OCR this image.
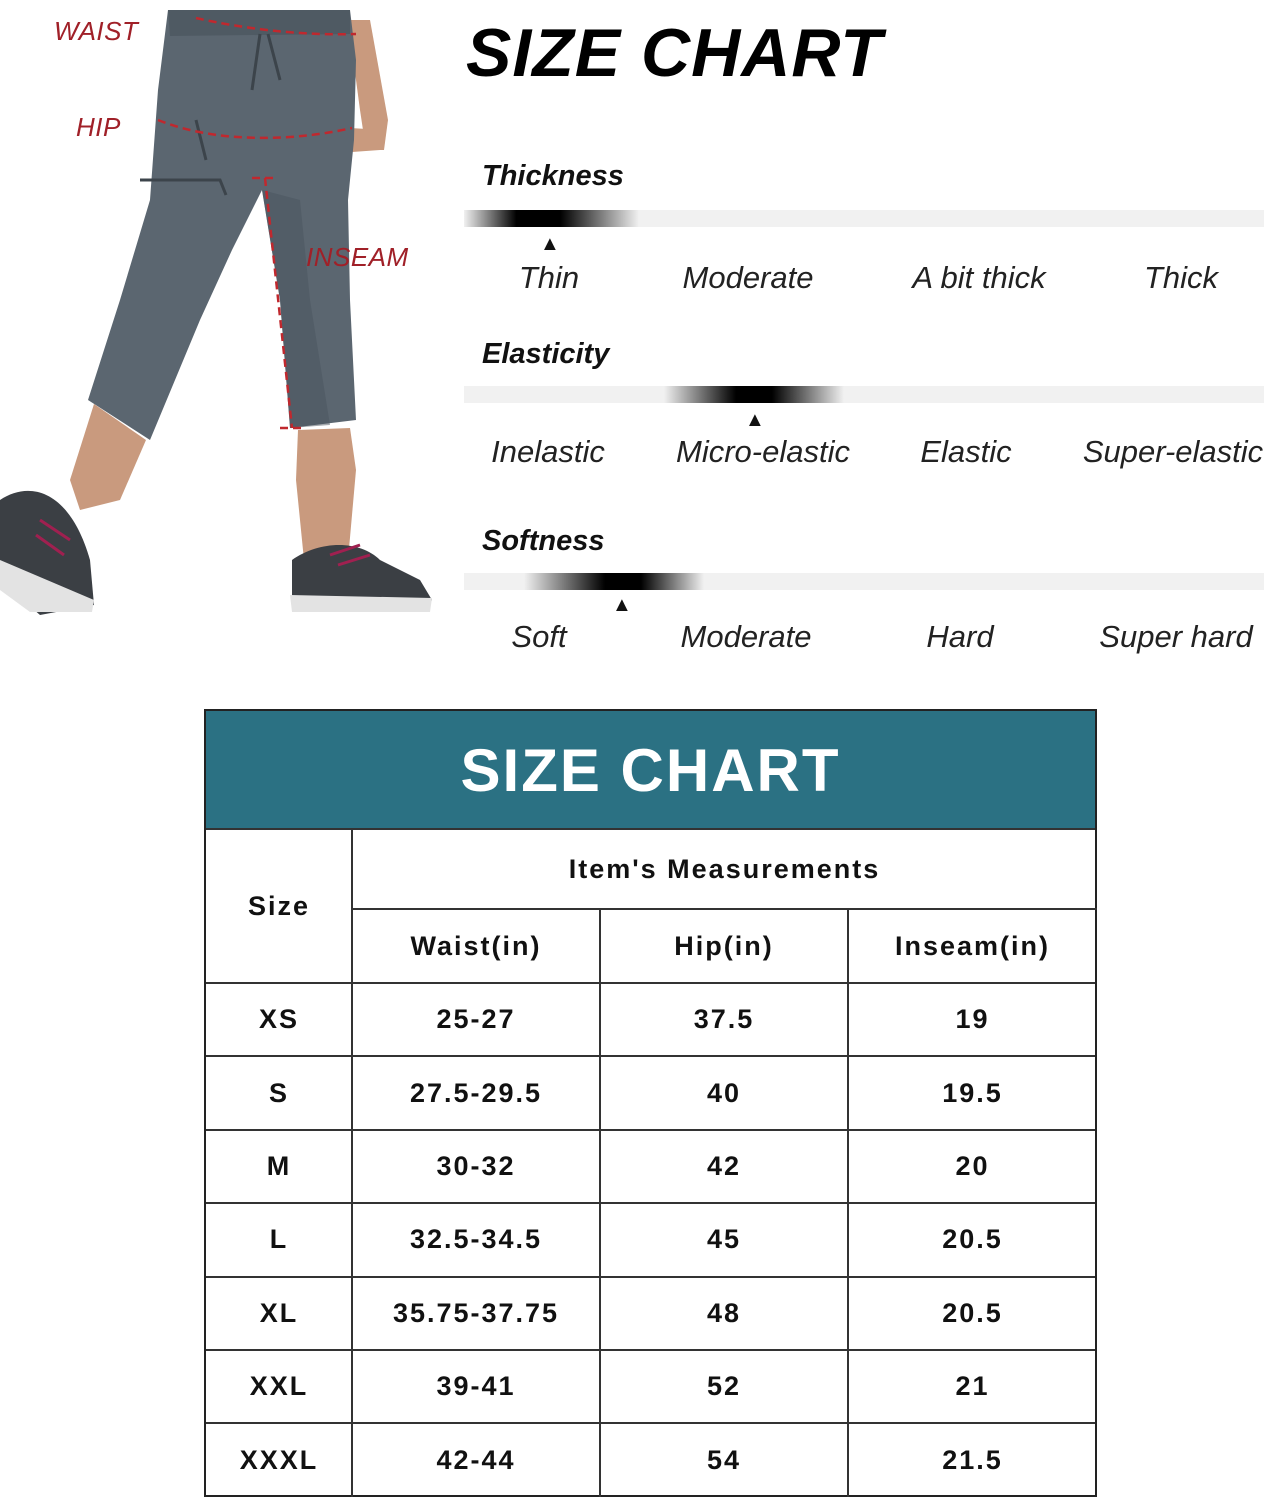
WAIST
HIP
INSEAM
SIZE CHART
Thickness
▲
Thin	Moderate	A bit thick	Thick
Elasticity
▲
Inelastic Micro-elastic Elastic Super-elastic
Softness
▲
Soft	Moderate	Hard	Super hard
SIZE CHART
Size
Item's Measurements
Waist(in)	Hip(in)	Inseam(in)
XS	25-27	37.5	19
S	27.5-29.5	40	19.5
M	30-32	42	20
L	32.5-34.5	45	20.5
XL	35.75-37.75	48	20.5
XXL	39-41	52	21
XXXL	42-44	54	21.5
